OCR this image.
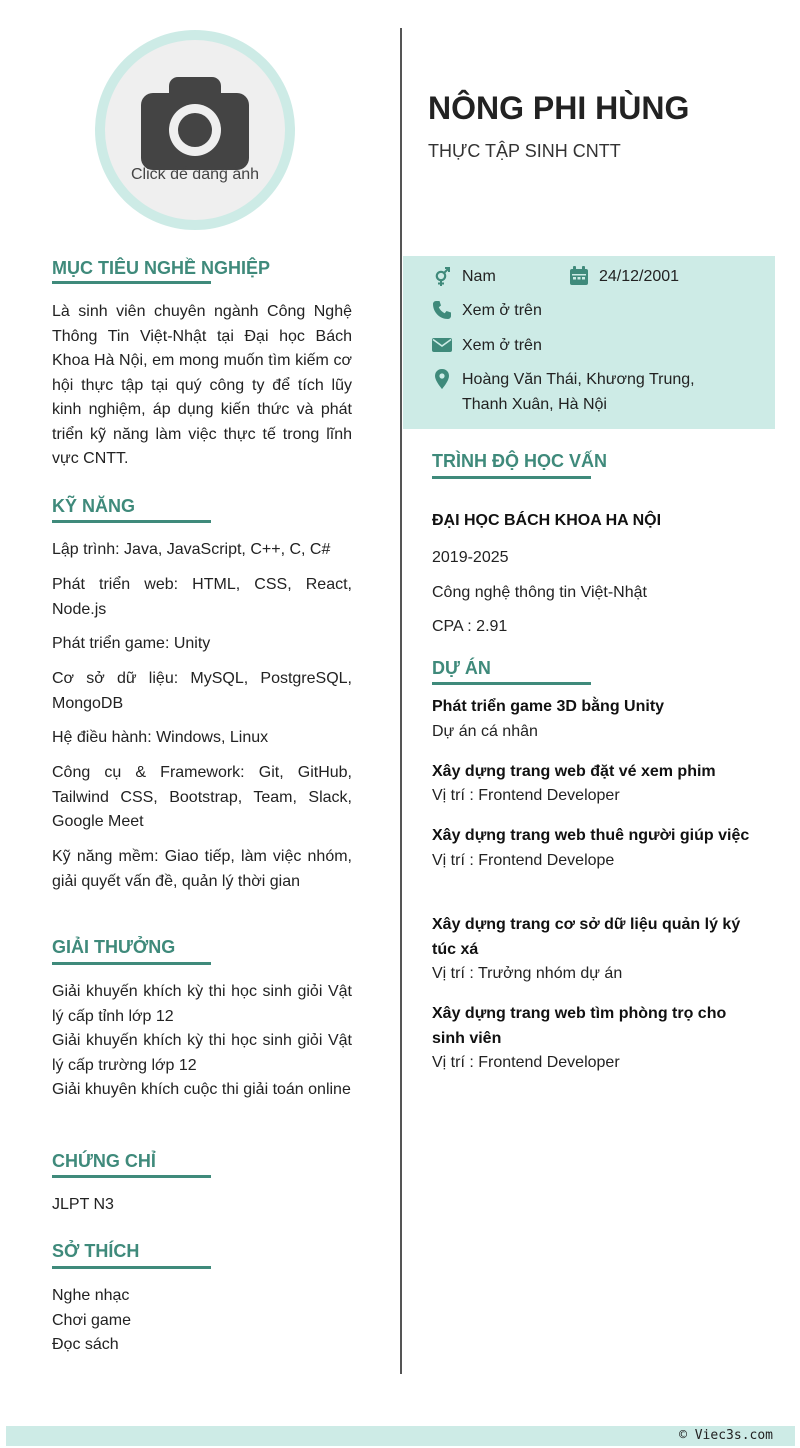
Click để đăng ảnh
MỤC TIÊU NGHỀ NGHIỆP
Là sinh viên chuyên ngành Công Nghệ Thông Tin Việt-Nhật tại Đại học Bách Khoa Hà Nội, em mong muốn tìm kiếm cơ hội thực tập tại quý công ty để tích lũy kinh nghiệm, áp dụng kiến thức và phát triển kỹ năng làm việc thực tế trong lĩnh vực CNTT.
KỸ NĂNG
Lập trình: Java, JavaScript, C++, C, C#
Phát triển web: HTML, CSS, React, Node.js
Phát triển game: Unity
Cơ sở dữ liệu: MySQL, PostgreSQL, MongoDB
Hệ điều hành: Windows, Linux
Công cụ & Framework: Git, GitHub, Tailwind CSS, Bootstrap, Team, Slack, Google Meet
Kỹ năng mềm: Giao tiếp, làm việc nhóm, giải quyết vấn đề, quản lý thời gian
GIẢI THƯỞNG
Giải khuyến khích kỳ thi học sinh giỏi Vật lý cấp tỉnh lớp 12
Giải khuyến khích kỳ thi học sinh giỏi Vật lý cấp trường lớp 12
Giải khuyên khích cuộc thi giải toán online
CHỨNG CHỈ
JLPT N3
SỞ THÍCH
Nghe nhạc
Chơi game
Đọc sách
NÔNG PHI HÙNG
THỰC TẬP SINH CNTT
Nam	24/12/2001
Xem ở trên
Xem ở trên
Hoàng Văn Thái, Khương Trung,
Thanh Xuân, Hà Nội
TRÌNH ĐỘ HỌC VẤN
ĐẠI HỌC BÁCH KHOA HA NỘI
2019-2025
Công nghệ thông tin Việt-Nhật
CPA : 2.91
DỰ ÁN
Phát triển game 3D bằng Unity
Dự án cá nhân
Xây dựng trang web đặt vé xem phim
Vị trí : Frontend Developer
Xây dựng trang web thuê người giúp việc
Vị trí : Frontend Develope
Xây dựng trang cơ sở dữ liệu quản lý ký túc xá
Vị trí : Trưởng nhóm dự án
Xây dựng trang web tìm phòng trọ cho sinh viên
Vị trí : Frontend Developer
© Viec3s.com
